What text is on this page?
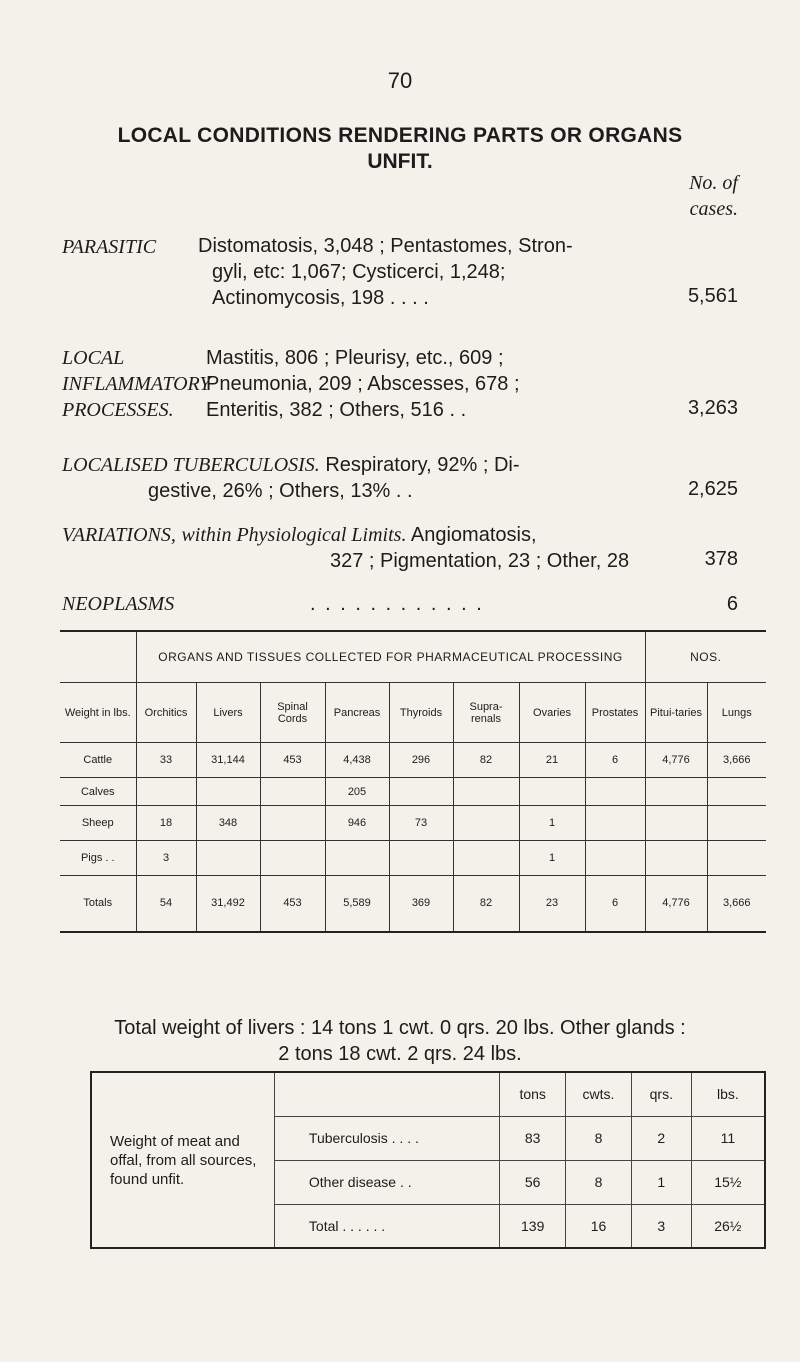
70
LOCAL CONDITIONS RENDERING PARTS OR ORGANS
UNFIT.
No. of
cases.
PARASITIC Distomatosis, 3,048 ; Pentastomes, Stron-
gyli, etc: 1,067; Cysticerci, 1,248;
Actinomycosis, 198 . . . .	5,561
LOCAL
INFLAMMATORY
PROCESSES.
Mastitis, 806 ; Pleurisy, etc., 609 ;
Pneumonia, 209 ; Abscesses, 678 ;
Enteritis, 382 ; Others, 516 . .	3,263
LOCALISED TUBERCULOSIS. Respiratory, 92% ; Di-
gestive, 26% ; Others, 13% . .	2,625
VARIATIONS, within Physiological Limits. Angiomatosis,
327 ; Pigmentation, 23 ; Other, 28	378
NEOPLASMS	. . . . . . . . . . . .	6
	ORGANS AND TISSUES COLLECTED FOR PHARMACEUTICAL PROCESSING								NOS.	
Weight in lbs.	Orchitics	Livers	Spinal Cords	Pancreas	Thyroids	Supra-renals	Ovaries	Prostates	Pitui-taries	Lungs
Cattle	33	31,144	453	4,438	296	82	21	6	4,776	3,666
Calves				205						
Sheep	18	348		946	73		1			
Pigs . .	3						1			
Totals	54	31,492	453	5,589	369	82	23	6	4,776	3,666
Total weight of livers : 14 tons 1 cwt. 0 qrs. 20 lbs. Other glands :
2 tons 18 cwt. 2 qrs. 24 lbs.
Weight of meat and offal, from all sources, found unfit.		tons	cwts.	qrs.	lbs.
	Tuberculosis . . . .	83	8	2	11
	Other disease . .	56	8	1	15½
	Total . . . . . .	139	16	3	26½
